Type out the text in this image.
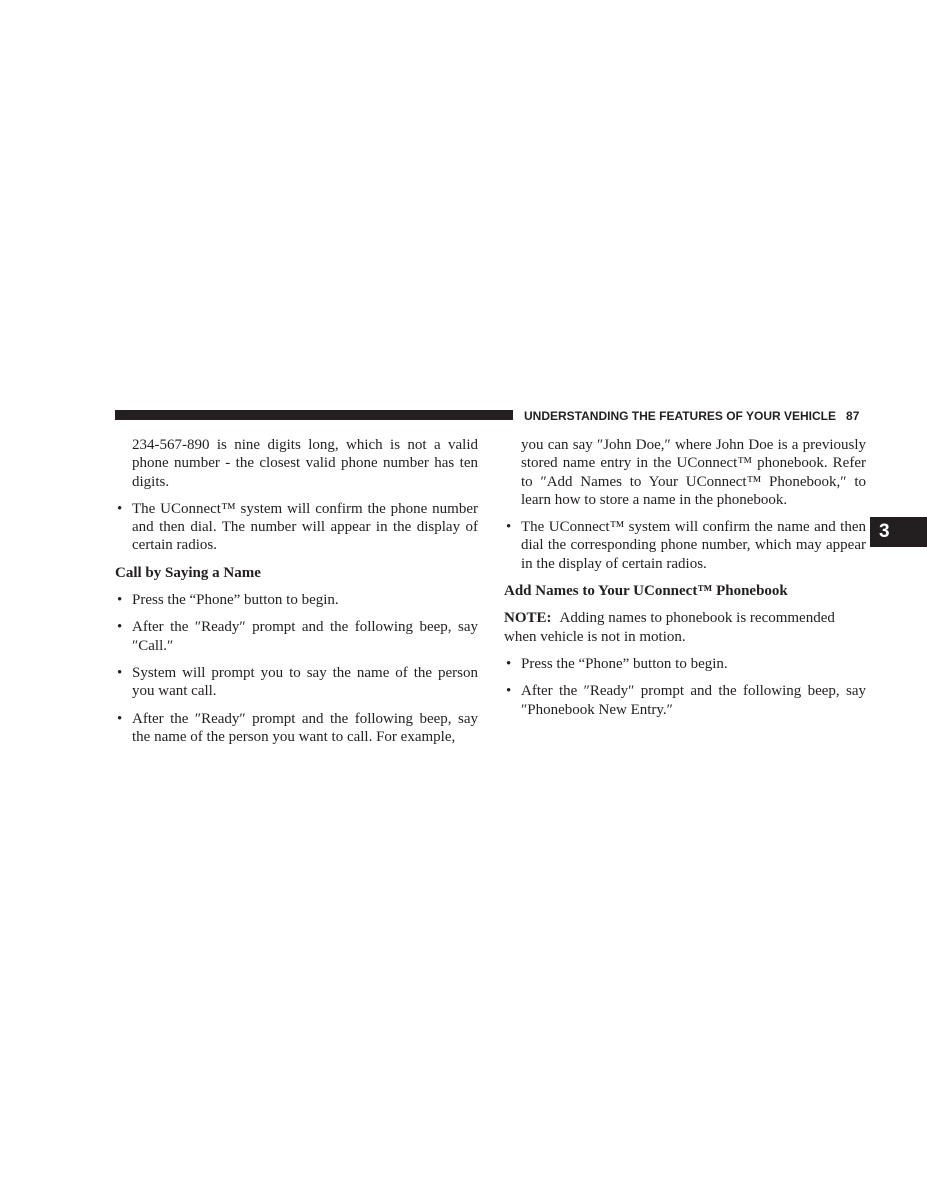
UNDERSTANDING THE FEATURES OF YOUR VEHICLE 87
3

234-567-890 is nine digits long, which is not a valid phone number - the closest valid phone number has ten digits.

• The UConnect™ system will confirm the phone number and then dial. The number will appear in the display of certain radios.

Call by Saying a Name

• Press the “Phone” button to begin.
• After the ″Ready″ prompt and the following beep, say ″Call.″
• System will prompt you to say the name of the person you want call.
• After the ″Ready″ prompt and the following beep, say the name of the person you want to call. For example,

you can say ″John Doe,″ where John Doe is a previously stored name entry in the UConnect™ phonebook. Refer to ″Add Names to Your UConnect™ Phonebook,″ to learn how to store a name in the phonebook.

• The UConnect™ system will confirm the name and then dial the corresponding phone number, which may appear in the display of certain radios.

Add Names to Your UConnect™ Phonebook

NOTE: Adding names to phonebook is recommended when vehicle is not in motion.

• Press the “Phone” button to begin.
• After the ″Ready″ prompt and the following beep, say ″Phonebook New Entry.″
